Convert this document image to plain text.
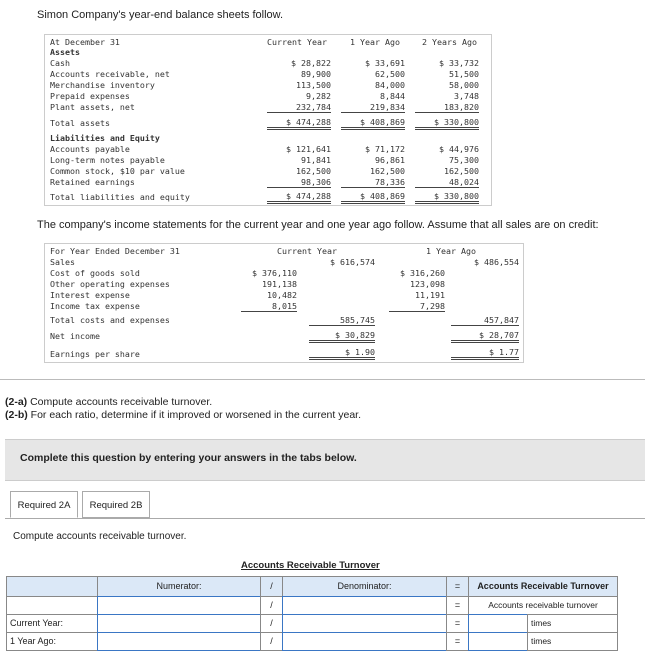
Simon Company's year-end balance sheets follow.
At December 31	Current Year	1 Year Ago	2 Years Ago
Assets
Cash	$ 28,822	$ 33,691	$ 33,732
Accounts receivable, net	89,900	62,500	51,500
Merchandise inventory	113,500	84,000	58,000
Prepaid expenses	9,282	8,844	3,748
Plant assets, net	232,784	219,834	183,820
Total assets	$ 474,288	$ 408,869	$ 330,800
Liabilities and Equity
Accounts payable	$ 121,641	$ 71,172	$ 44,976
Long-term notes payable	91,841	96,861	75,300
Common stock, $10 par value	162,500	162,500	162,500
Retained earnings	98,306	78,336	48,024
Total liabilities and equity	$ 474,288	$ 408,869	$ 330,800
The company's income statements for the current year and one year ago follow. Assume that all sales are on credit:
For Year Ended December 31	Current Year	1 Year Ago
Sales	$ 616,574	$ 486,554
Cost of goods sold	$ 376,110	$ 316,260
Other operating expenses	191,138	123,098
Interest expense	10,482	11,191
Income tax expense	8,015	7,298
Total costs and expenses	585,745	457,847
Net income	$ 30,829	$ 28,707
Earnings per share	$ 1.90	$ 1.77
(2-a) Compute accounts receivable turnover.
(2-b) For each ratio, determine if it improved or worsened in the current year.
Complete this question by entering your answers in the tabs below.
Required 2A	Required 2B
Compute accounts receivable turnover.
Accounts Receivable Turnover
Numerator:	/	Denominator:	=	Accounts Receivable Turnover
/	=	Accounts receivable turnover
Current Year:	/	=	times
1 Year Ago:	/	=	times
